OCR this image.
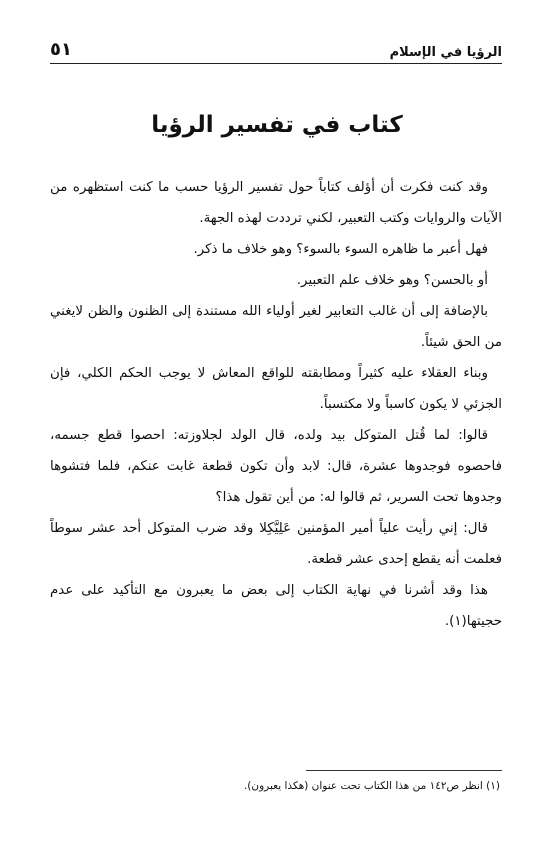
الرؤيا في الإسلام
٥١
كتاب في تفسير الرؤيا

وقد كنت فكرت أن أؤلف كتاباً حول تفسير الرؤيا حسب ما كنت استظهره من الآيات والروايات وكتب التعبير، لكني ترددت لهذه الجهة.

فهل أعبر ما ظاهره السوء بالسوء؟ وهو خلاف ما ذكر.

أو بالحسن؟ وهو خلاف علم التعبير.

بالإضافة إلى أن غالب التعابير لغير أولياء الله مستندة إلى الظنون والظن لايغني من الحق شيئاً.

وبناء العقلاء عليه كثيراً ومطابقته للواقع المعاش لا يوجب الحكم الكلي، فإن الجزئي لا يكون كاسباً ولا مكتسباً.

قالوا: لما قُتل المتوكل بيد ولده، قال الولد لجلاوزته: احصوا قطع جسمه، فاحصوه فوجدوها عشرة، قال: لابد وأن تكون قطعة غابت عنكم، فلما فتشوها وجدوها تحت السرير، ثم قالوا له: من أين تقول هذا؟

قال: إني رأيت علياً أمير المؤمنين عَلِيَّكِلا وقد ضرب المتوكل أحد عشر سوطاً فعلمت أنه يقطع إحدى عشر قطعة.

هذا وقد أشرنا في نهاية الكتاب إلى بعض ما يعبرون مع التأكيد على عدم حجيتها(١).

(١) انظر ص١٤٢ من هذا الكتاب تحت عنوان (هكذا يعبرون).
